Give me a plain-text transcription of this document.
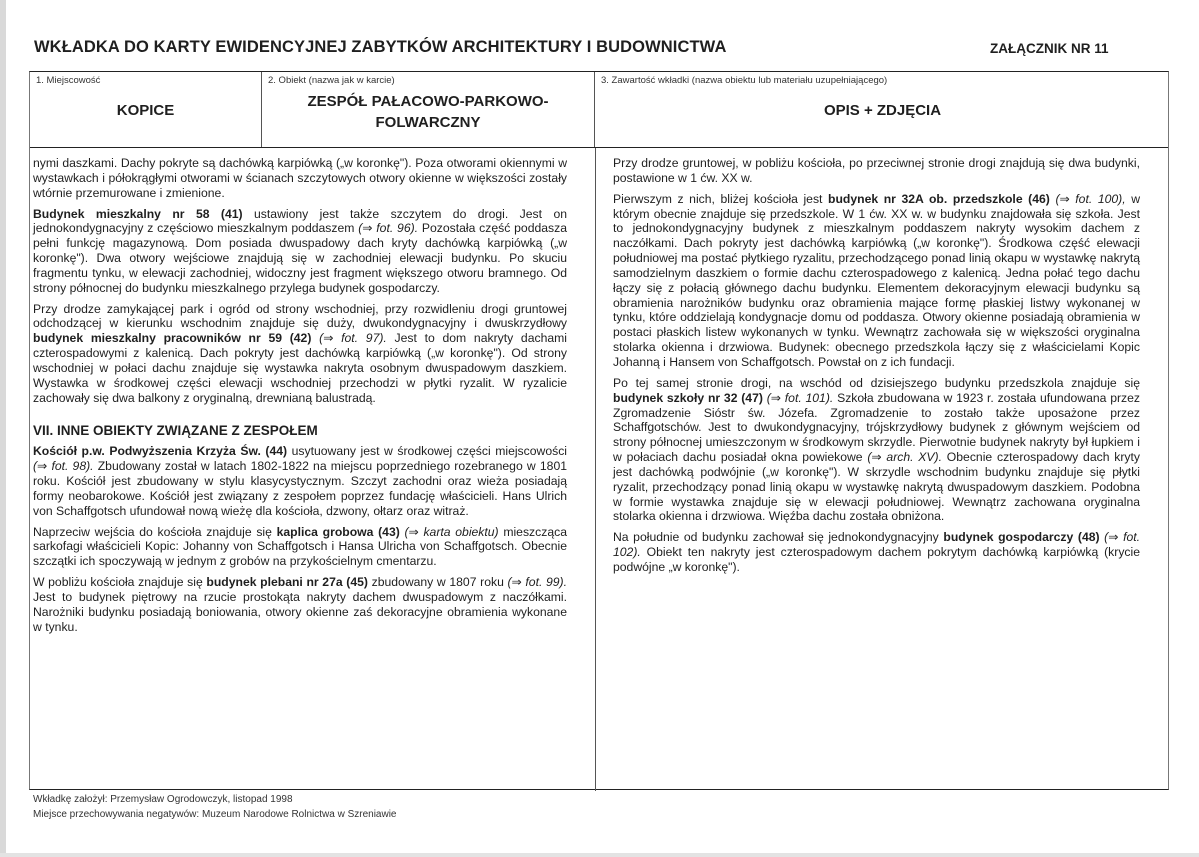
WKŁADKA DO KARTY EWIDENCYJNEJ ZABYTKÓW ARCHITEKTURY I BUDOWNICTWA	ZAŁĄCZNIK NR 11
1. Miejscowość
KOPICE
2. Obiekt (nazwa jak w karcie)
ZESPÓŁ PAŁACOWO-PARKOWO-
FOLWARCZNY
3. Zawartość wkładki (nazwa obiektu lub materiału uzupełniającego)
OPIS + ZDJĘCIA

nymi daszkami. Dachy pokryte są dachówką karpiówką („w koronkę"). Poza otworami okiennymi w wystawkach i półokrągłymi otworami w ścianach szczytowych otwory okienne w większości zostały wtórnie przemurowane i zmienione.

Budynek mieszkalny nr 58 (41) ustawiony jest także szczytem do drogi. Jest on jednokondygnacyjny z częściowo mieszkalnym poddaszem (⇒ fot. 96). Pozostała część poddasza pełni funkcję magazynową. Dom posiada dwuspadowy dach kryty dachówką karpiówką („w koronkę"). Dwa otwory wejściowe znajdują się w zachodniej elewacji budynku. Po skuciu fragmentu tynku, w elewacji zachodniej, widoczny jest fragment większego otworu bramnego. Od strony północnej do budynku mieszkalnego przylega budynek gospodarczy.

Przy drodze zamykającej park i ogród od strony wschodniej, przy rozwidleniu drogi gruntowej odchodzącej w kierunku wschodnim znajduje się duży, dwukondygnacyjny i dwuskrzydłowy budynek mieszkalny pracowników nr 59 (42) (⇒ fot. 97). Jest to dom nakryty dachami czterospadowymi z kalenicą. Dach pokryty jest dachówką karpiówką („w koronkę"). Od strony wschodniej w połaci dachu znajduje się wystawka nakryta osobnym dwuspadowym daszkiem. Wystawka w środkowej części elewacji wschodniej przechodzi w płytki ryzalit. W ryzalicie zachowały się dwa balkony z oryginalną, drewnianą balustradą.

VII. INNE OBIEKTY ZWIĄZANE Z ZESPOŁEM

Kościół p.w. Podwyższenia Krzyża Św. (44) usytuowany jest w środkowej części miejscowości (⇒ fot. 98). Zbudowany został w latach 1802-1822 na miejscu poprzedniego rozebranego w 1801 roku. Kościół jest zbudowany w stylu klasycystycznym. Szczyt zachodni oraz wieża posiadają formy neobarokowe. Kościół jest związany z zespołem poprzez fundację właścicieli. Hans Ulrich von Schaffgotsch ufundował nową wieżę dla kościoła, dzwony, ołtarz oraz witraż.

Naprzeciw wejścia do kościoła znajduje się kaplica grobowa (43) (⇒ karta obiektu) mieszcząca sarkofagi właścicieli Kopic: Johanny von Schaffgotsch i Hansa Ulricha von Schaffgotsch. Obecnie szczątki ich spoczywają w jednym z grobów na przykościelnym cmentarzu.

W pobliżu kościoła znajduje się budynek plebani nr 27a (45) zbudowany w 1807 roku (⇒ fot. 99). Jest to budynek piętrowy na rzucie prostokąta nakryty dachem dwuspadowym z naczółkami. Narożniki budynku posiadają boniowania, otwory okienne zaś dekoracyjne obramienia wykonane w tynku.

Przy drodze gruntowej, w pobliżu kościoła, po przeciwnej stronie drogi znajdują się dwa budynki, postawione w 1 ćw. XX w.

Pierwszym z nich, bliżej kościoła jest budynek nr 32A ob. przedszkole (46) (⇒ fot. 100), w którym obecnie znajduje się przedszkole. W 1 ćw. XX w. w budynku znajdowała się szkoła. Jest to jednokondygnacyjny budynek z mieszkalnym poddaszem nakryty wysokim dachem z naczółkami. Dach pokryty jest dachówką karpiówką („w koronkę"). Środkowa część elewacji południowej ma postać płytkiego ryzalitu, przechodzącego ponad linią okapu w wystawkę nakrytą samodzielnym daszkiem o formie dachu czterospadowego z kalenicą. Jedna połać tego dachu łączy się z połacią głównego dachu budynku. Elementem dekoracyjnym elewacji budynku są obramienia narożników budynku oraz obramienia mające formę płaskiej listwy wykonanej w tynku, które oddzielają kondygnacje domu od poddasza. Otwory okienne posiadają obramienia w postaci płaskich listew wykonanych w tynku. Wewnątrz zachowała się w większości oryginalna stolarka okienna i drzwiowa. Budynek: obecnego przedszkola łączy się z właścicielami Kopic Johanną i Hansem von Schaffgotsch. Powstał on z ich fundacji.

Po tej samej stronie drogi, na wschód od dzisiejszego budynku przedszkola znajduje się budynek szkoły nr 32 (47) (⇒ fot. 101). Szkoła zbudowana w 1923 r. została ufundowana przez Zgromadzenie Sióstr św. Józefa. Zgromadzenie to zostało także uposażone przez Schaffgotschów. Jest to dwukondygnacyjny, trójskrzydłowy budynek z głównym wejściem od strony północnej umieszczonym w środkowym skrzydle. Pierwotnie budynek nakryty był łupkiem i w połaciach dachu posiadał okna powiekowe (⇒ arch. XV). Obecnie czterospadowy dach kryty jest dachówką podwójnie („w koronkę"). W skrzydle wschodnim budynku znajduje się płytki ryzalit, przechodzący ponad linią okapu w wystawkę nakrytą dwuspadowym daszkiem. Podobna w formie wystawka znajduje się w elewacji południowej. Wewnątrz zachowana oryginalna stolarka okienna i drzwiowa. Więźba dachu została obniżona.

Na południe od budynku zachował się jednokondygnacyjny budynek gospodarczy (48) (⇒ fot. 102). Obiekt ten nakryty jest czterospadowym dachem pokrytym dachówką karpiówką (krycie podwójne „w koronkę").

Wkładkę założył: Przemysław Ogrodowczyk, listopad 1998
Miejsce przechowywania negatywów: Muzeum Narodowe Rolnictwa w Szreniawie
